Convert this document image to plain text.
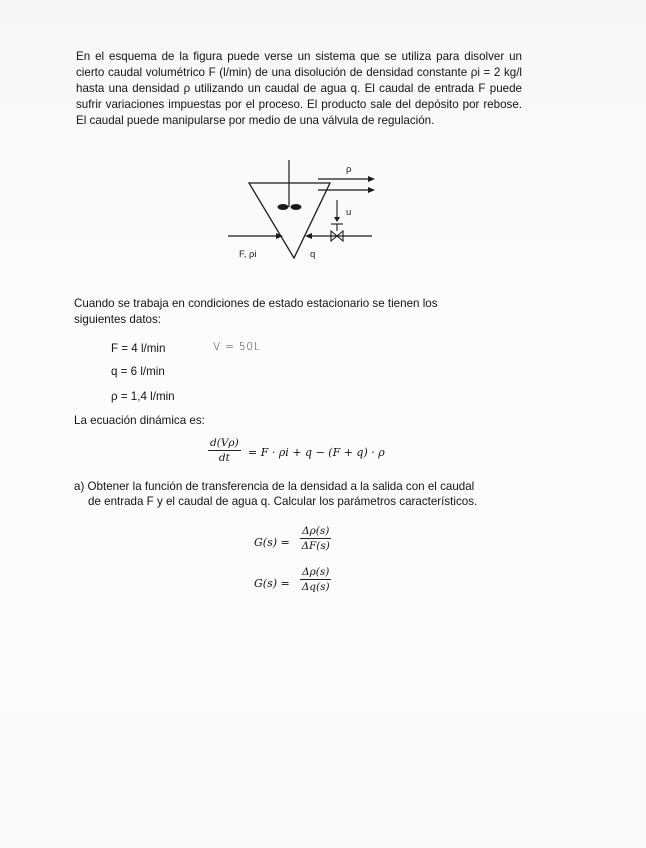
En el esquema de la figura puede verse un sistema que se utiliza para disolver un cierto caudal volumétrico F (l/min) de una disolución de densidad constante ρi = 2 kg/l hasta una densidad ρ utilizando un caudal de agua q. El caudal de entrada F puede sufrir variaciones impuestas por el proceso. El producto sale del depósito por rebose. El caudal puede manipularse por medio de una válvula de regulación.
ρ
u
F, ρi	q
Cuando se trabaja en condiciones de estado estacionario se tienen los
siguientes datos:
F = 4 l/min	V = 50L
q = 6 l/min
ρ = 1,4 l/min
La ecuación dinámica es:
$\frac{d(V\rho)}{dt} = F \cdot \rho i + q - (F + q) \cdot \rho$
a) Obtener la función de transferencia de la densidad a la salida con el caudal
de entrada F y el caudal de agua q. Calcular los parámetros característicos.
$G(s) = \frac{\Delta\rho(s)}{\Delta F(s)}$
$G(s) = \frac{\Delta\rho(s)}{\Delta q(s)}$
